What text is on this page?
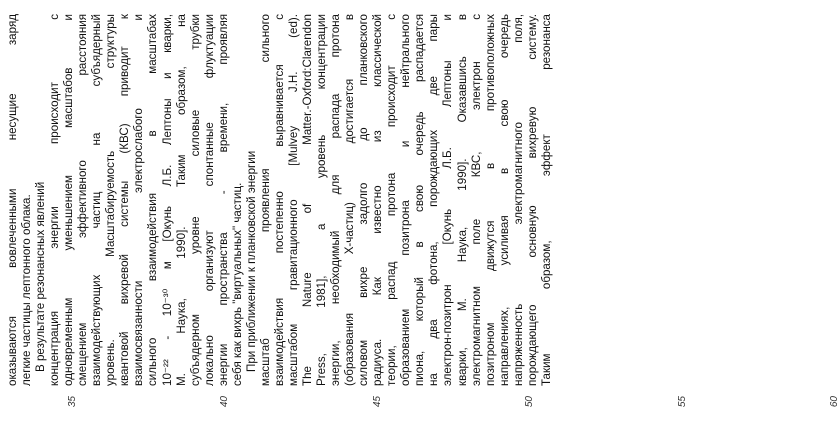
35	40	45	50	55	60
оказываются вовлеченными несущие заряд легкие частицы лептонного облака. В результате резонансных явлений концентрация энергии происходит с одновременным уменьшением масштабов и смещением эффективного расстояния взаимодействующих частиц на субъядерный уровень. Масштабируемость структуры квантовой вихревой системы (КВС) приводит к взаимосвязанности электрослабого и сильного взаимодействия в масштабах 10⁻²² - 10⁻³⁰ м [Окунь Л.Б. Лептоны и кварки, М. Наука, 1990]. Таким образом, на субъядерном уровне силовые трубки локально организуют спонтанные флуктуации энергии пространства - времени, проявляя себя как вихрь "виртуальных" частиц. При приближении к планковской энергии масштаб проявления сильного взаимодействия постепенно выравнивается с масштабом гравитационного [Mulvey J.H. (ed). The Nature of Matter.-Oxford:Clarendon Press, 1981], а уровень концентрации энергии, необходимый для распада протона (образования X-частиц) достигается в силовом вихре задолго до планковского радиуса. Как известно из классической теории, распад протона происходит с образованием позитрона и нейтрального пиона, который в свою очередь распадается на два фотона, порождающих две пары электрон-позитрон [Окунь Л.Б. Лептоны и кварки, М. Наука, 1990]. Оказавшись в электромагнитном поле КВС, электрон с позитроном движутся в противоположных направлениях, усиливая в свою очередь напряженность электромагнитного поля, порождающего основную вихревую систему. Таким образом, эффект резонанса
